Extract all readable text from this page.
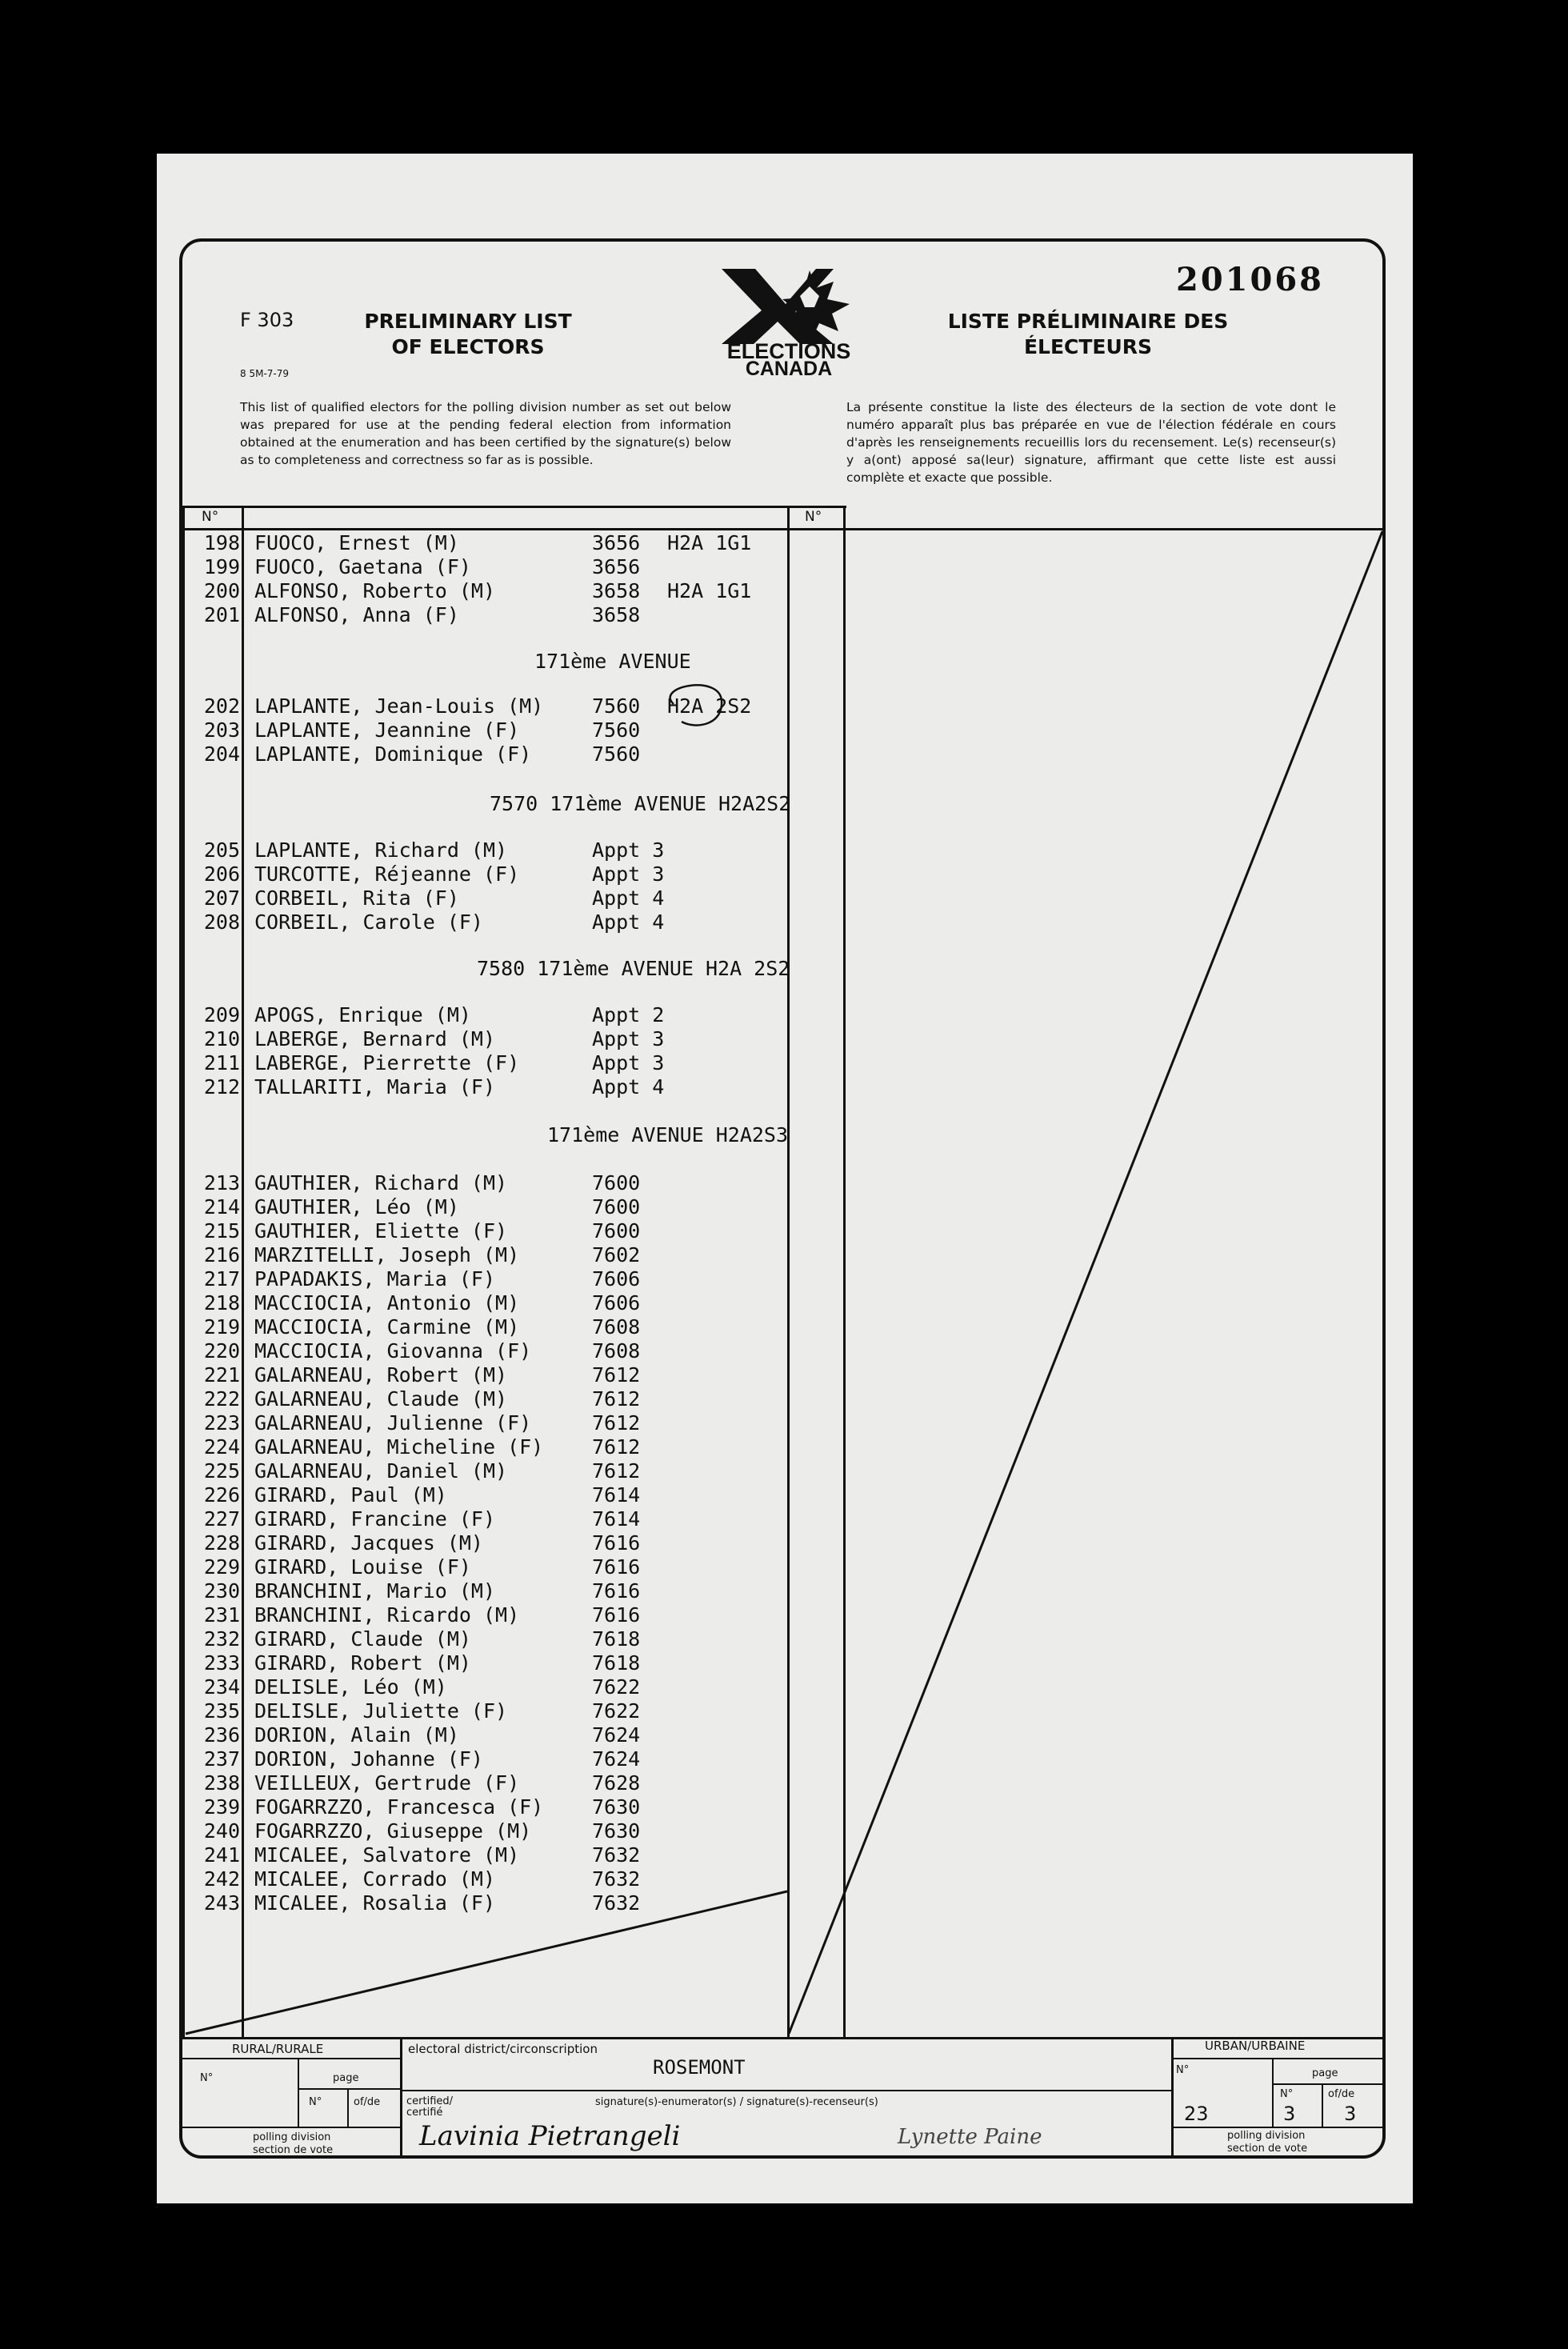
201068
F 303
8 5M-7-79
PRELIMINARY LIST OF ELECTORS
LISTE PRÉLIMINAIRE DES ÉLECTEURS
ELECTIONS
CANADA
This list of qualified electors for the polling division number as set out below was prepared for use at the pending federal election from information obtained at the enumeration and has been certified by the signature(s) below as to completeness and correctness so far as is possible.
La présente constitue la liste des électeurs de la section de vote dont le numéro apparaît plus bas préparée en vue de l'élection fédérale en cours d'après les renseignements recueillis lors du recensement. Le(s) recenseur(s) y a(ont) apposé sa(leur) signature, affirmant que cette liste est aussi complète et exacte que possible.
N°	N°
198 FUOCO, Ernest (M)	3656 H2A 1G1
199 FUOCO, Gaetana (F)	3656
200 ALFONSO, Roberto (M)	3658 H2A 1G1
201 ALFONSO, Anna (F)	3658
171ème AVENUE
202 LAPLANTE, Jean-Louis (M) 7560 H2A 2S2
203 LAPLANTE, Jeannine (F)	7560
204 LAPLANTE, Dominique (F)	7560
7570 171ème AVENUE H2A2S2
205 LAPLANTE, Richard (M)	Appt 3
206 TURCOTTE, Réjeanne (F)	Appt 3
207 CORBEIL, Rita (F)	Appt 4
208 CORBEIL, Carole (F)	Appt 4
7580 171ème AVENUE H2A 2S2
209 APOGS, Enrique (M)	Appt 2
210 LABERGE, Bernard (M)	Appt 3
211 LABERGE, Pierrette (F)	Appt 3
212 TALLARITI, Maria (F)	Appt 4
171ème AVENUE H2A2S3
213 GAUTHIER, Richard (M)	7600
214 GAUTHIER, Léo (M)	7600
215 GAUTHIER, Eliette (F)	7600
216 MARZITELLI, Joseph (M)	7602
217 PAPADAKIS, Maria (F)	7606
218 MACCIOCIA, Antonio (M)	7606
219 MACCIOCIA, Carmine (M)	7608
220 MACCIOCIA, Giovanna (F)	7608
221 GALARNEAU, Robert (M)	7612
222 GALARNEAU, Claude (M)	7612
223 GALARNEAU, Julienne (F)	7612
224 GALARNEAU, Micheline (F) 7612
225 GALARNEAU, Daniel (M)	7612
226 GIRARD, Paul (M)	7614
227 GIRARD, Francine (F)	7614
228 GIRARD, Jacques (M)	7616
229 GIRARD, Louise (F)	7616
230 BRANCHINI, Mario (M)	7616
231 BRANCHINI, Ricardo (M)	7616
232 GIRARD, Claude (M)	7618
233 GIRARD, Robert (M)	7618
234 DELISLE, Léo (M)	7622
235 DELISLE, Juliette (F)	7622
236 DORION, Alain (M)	7624
237 DORION, Johanne (F)	7624
238 VEILLEUX, Gertrude (F)	7628
239 FOGARRZZO, Francesca (F) 7630
240 FOGARRZZO, Giuseppe (M)	7630
241 MICALEE, Salvatore (M)	7632
242 MICALEE, Corrado (M)	7632
243 MICALEE, Rosalia (F)	7632
RURAL/RURALE	URBAN/URBAINE
N°	page
N°	of/de
polling division
section de vote
electoral district/circonscription
ROSEMONT
certified/ certifié
signature(s)-enumerator(s) / signature(s)-recenseur(s)
Lavinia Pietrangeli	Lynette Paine
N°	page
N°	of/de
23	3	3
polling division
section de vote
